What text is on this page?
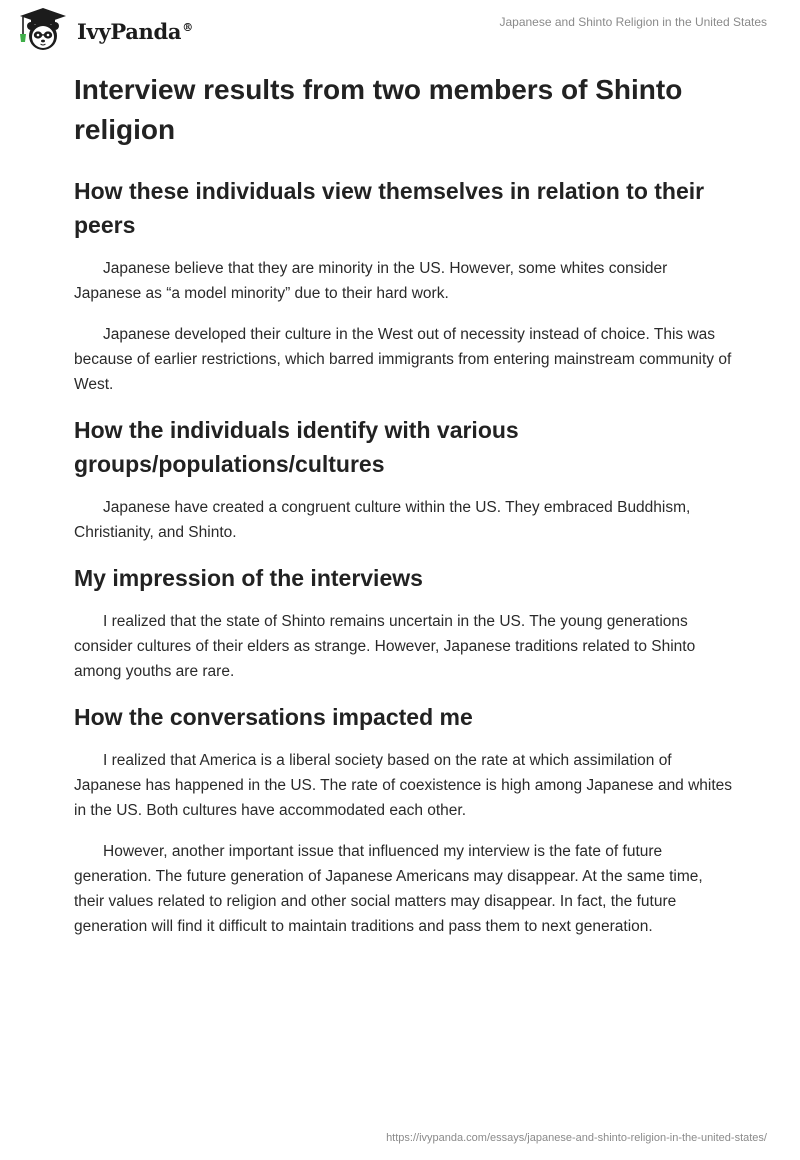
IvyPanda®	Japanese and Shinto Religion in the United States
Interview results from two members of Shinto religion
How these individuals view themselves in relation to their peers

Japanese believe that they are minority in the US. However, some whites consider Japanese as “a model minority” due to their hard work.

Japanese developed their culture in the West out of necessity instead of choice. This was because of earlier restrictions, which barred immigrants from entering mainstream community of West.

How the individuals identify with various groups/populations/cultures

Japanese have created a congruent culture within the US. They embraced Buddhism, Christianity, and Shinto.

My impression of the interviews

I realized that the state of Shinto remains uncertain in the US. The young generations consider cultures of their elders as strange. However, Japanese traditions related to Shinto among youths are rare.

How the conversations impacted me

I realized that America is a liberal society based on the rate at which assimilation of Japanese has happened in the US. The rate of coexistence is high among Japanese and whites in the US. Both cultures have accommodated each other.

However, another important issue that influenced my interview is the fate of future generation. The future generation of Japanese Americans may disappear. At the same time, their values related to religion and other social matters may disappear. In fact, the future generation will find it difficult to maintain traditions and pass them to next generation.

https://ivypanda.com/essays/japanese-and-shinto-religion-in-the-united-states/
